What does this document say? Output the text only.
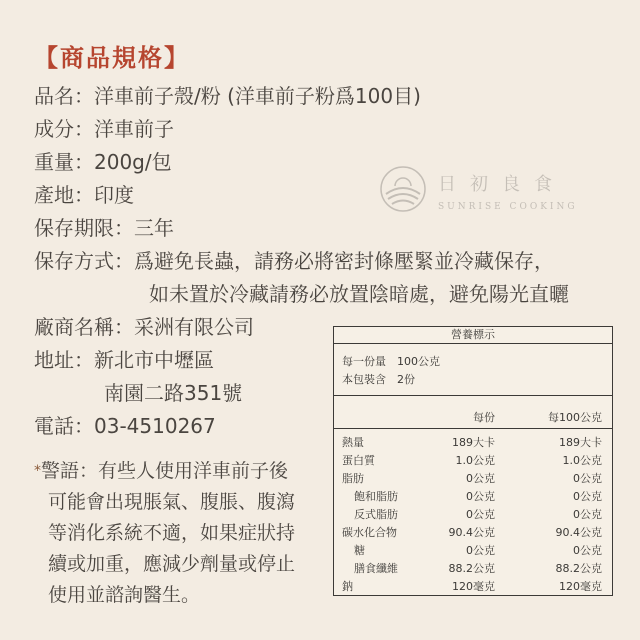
【商品規格】
品名：洋車前子殼/粉 (洋車前子粉爲100目)
成分：洋車前子
重量：200g/包
產地：印度
保存期限：三年
保存方式：爲避免長蟲，請務必將密封條壓緊並冷藏保存，
如未置於冷藏請務必放置陰暗處，避免陽光直曬
廠商名稱：采洲有限公司
地址：新北市中壢區
南園二路351號
電話：03-4510267
日初良食
SUNRISE COOKING
*警語：有些人使用洋車前子後
可能會出現脹氣、腹脹、腹瀉
等消化系統不適，如果症狀持
續或加重，應減少劑量或停止
使用並諮詢醫生。
營養標示
每一份量　100公克
本包裝含　2份
每份	每100公克
熱量	189大卡	189大卡
蛋白質	1.0公克	1.0公克
脂肪	0公克	0公克
飽和脂肪	0公克	0公克
反式脂肪	0公克	0公克
碳水化合物	90.4公克	90.4公克
糖	0公克	0公克
膳食纖維	88.2公克	88.2公克
鈉	120毫克	120毫克
